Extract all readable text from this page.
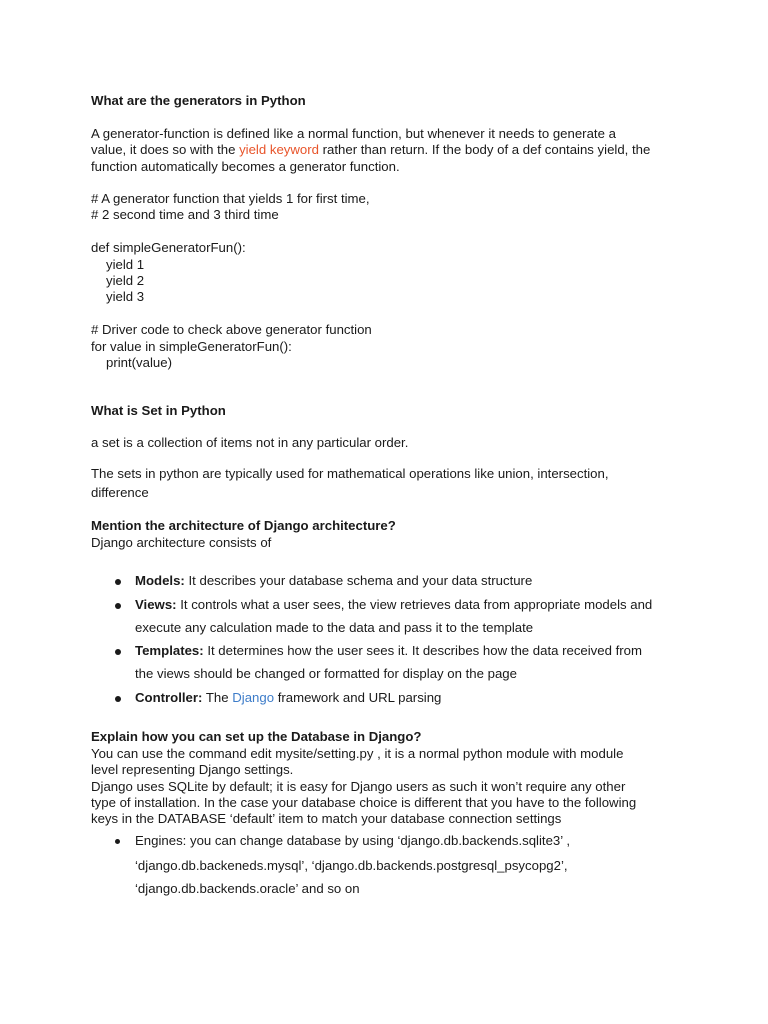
What are the generators in Python
A generator-function is defined like a normal function, but whenever it needs to generate a
value, it does so with the yield keyword rather than return. If the body of a def contains yield, the
function automatically becomes a generator function.
# A generator function that yields 1 for first time,
# 2 second time and 3 third time
def simpleGeneratorFun():
yield 1
yield 2
yield 3
# Driver code to check above generator function
for value in simpleGeneratorFun():
print(value)
What is Set in Python
a set is a collection of items not in any particular order.
The sets in python are typically used for mathematical operations like union, intersection,
difference
Mention the architecture of Django architecture?
Django architecture consists of
Models: It describes your database schema and your data structure
Views: It controls what a user sees, the view retrieves data from appropriate models and
execute any calculation made to the data and pass it to the template
Templates: It determines how the user sees it. It describes how the data received from
the views should be changed or formatted for display on the page
Controller: The Django framework and URL parsing
Explain how you can set up the Database in Django?
You can use the command edit mysite/setting.py , it is a normal python module with module
level representing Django settings.
Django uses SQLite by default; it is easy for Django users as such it won’t require any other
type of installation. In the case your database choice is different that you have to the following
keys in the DATABASE ‘default’ item to match your database connection settings
Engines: you can change database by using ‘django.db.backends.sqlite3’ ,
‘django.db.backeneds.mysql’, ‘django.db.backends.postgresql_psycopg2’,
‘django.db.backends.oracle’ and so on
